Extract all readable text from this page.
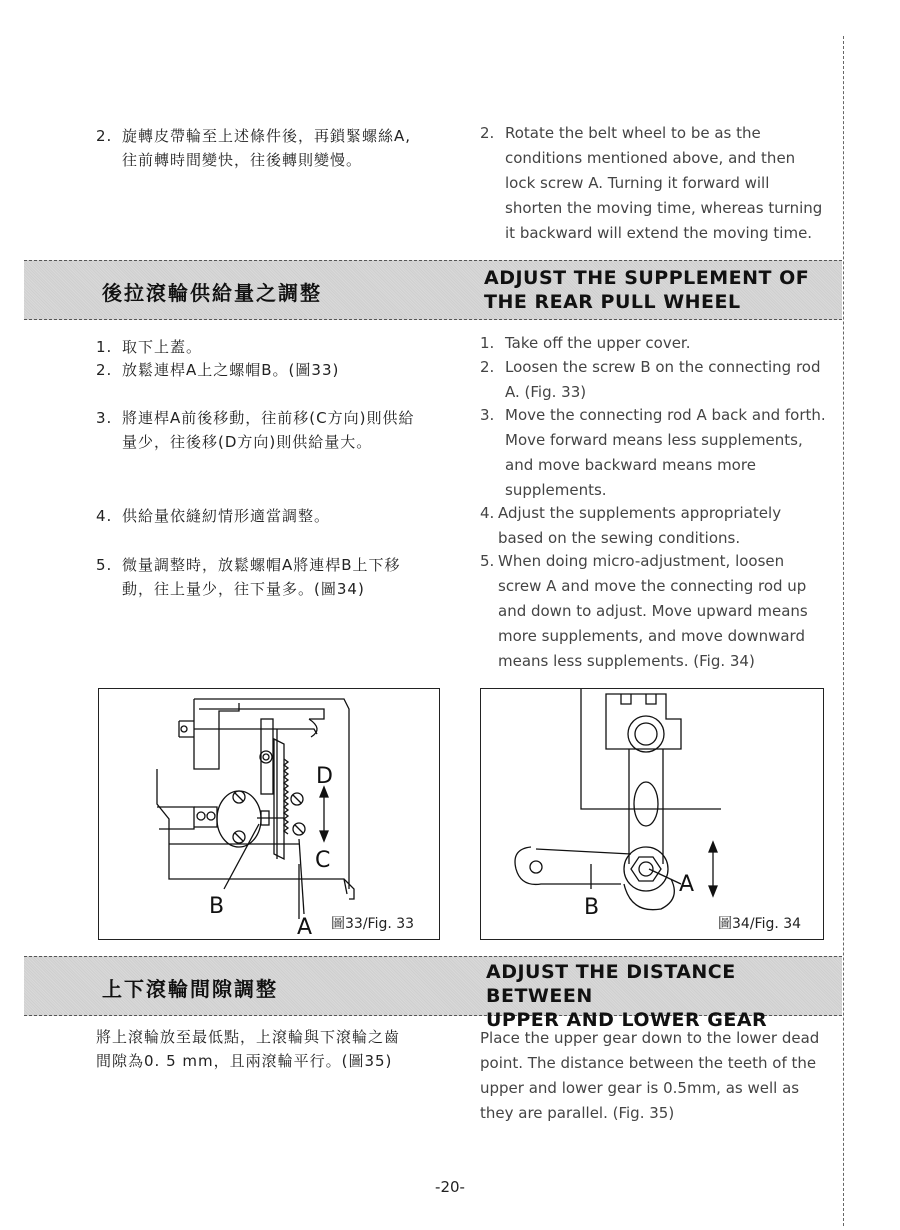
2. 旋轉皮帶輪至上述條件後，再鎖緊螺絲A,
往前轉時間變快，往後轉則變慢。
2. Rotate the belt wheel to be as the
conditions mentioned above, and then
lock screw A. Turning it forward will
shorten the moving time, whereas turning
it backward will extend the moving time.
後拉滾輪供給量之調整
ADJUST THE SUPPLEMENT OF
THE REAR PULL WHEEL
1. 取下上蓋。
2. 放鬆連桿A上之螺帽B。(圖33)
3. 將連桿A前後移動，往前移(C方向)則供給
量少，往後移(D方向)則供給量大。
4. 供給量依縫紉情形適當調整。
5. 微量調整時，放鬆螺帽A將連桿B上下移
動，往上量少，往下量多。(圖34)
1. Take off the upper cover.
2. Loosen the screw B on the connecting rod
A. (Fig. 33)
3. Move the connecting rod A back and forth.
Move forward means less supplements,
and move backward means more
supplements.
4. Adjust the supplements appropriately
based on the sewing conditions.
5. When doing micro-adjustment, loosen
screw A and move the connecting rod up
and down to adjust. Move upward means
more supplements, and move downward
means less supplements. (Fig. 34)
D
C
B
A 圖33/Fig. 33
A
B
圖34/Fig. 34
上下滾輪間隙調整
ADJUST THE DISTANCE BETWEEN
UPPER AND LOWER GEAR
將上滾輪放至最低點，上滾輪與下滾輪之齒
間隙為0. 5 mm，且兩滾輪平行。(圖35)
Place the upper gear down to the lower dead
point. The distance between the teeth of the
upper and lower gear is 0.5mm, as well as
they are parallel. (Fig. 35)
-20-
